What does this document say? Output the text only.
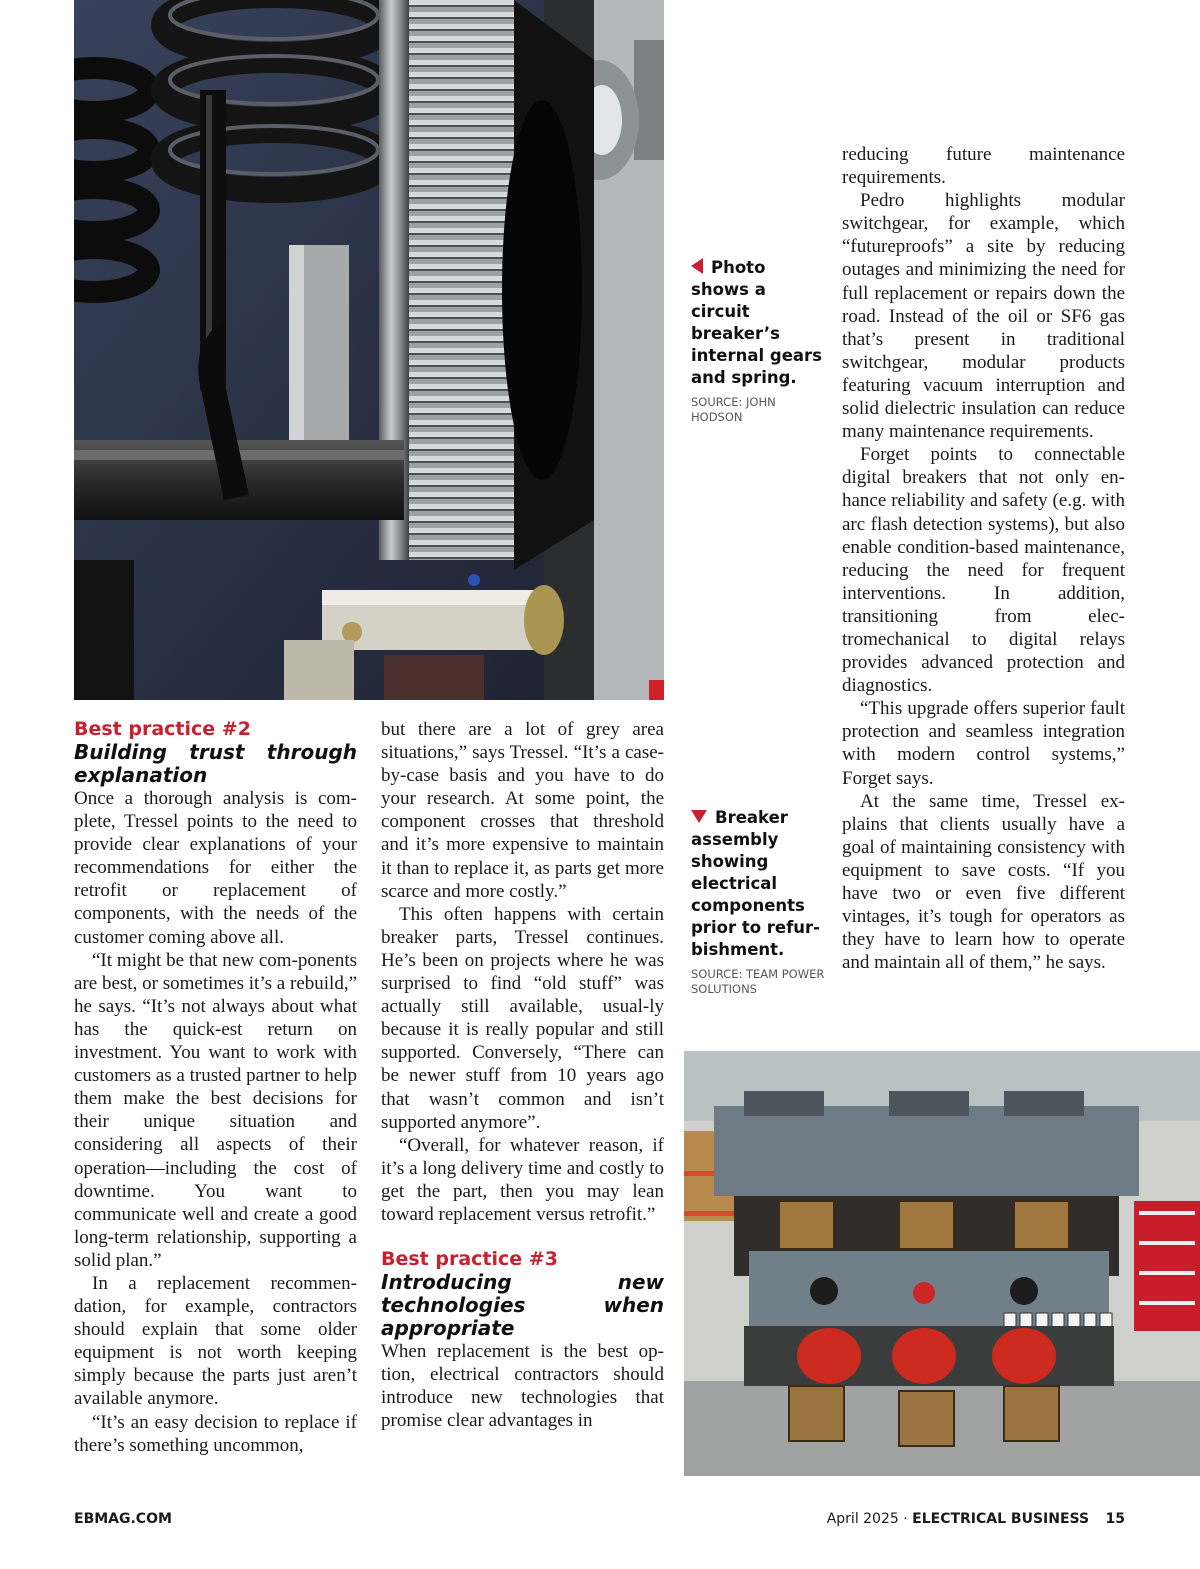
Photo shows a circuit breaker’s internal gears and spring.
SOURCE: JOHN HODSON
Breaker assembly showing electrical components prior to refur-bishment.
SOURCE: TEAM POWER SOLUTIONS
Best practice #2
Building trust through explanation

Once a thorough analysis is com-plete, Tressel points to the need to provide clear explanations of your recommendations for either the retrofit or replacement of components, with the needs of the customer coming above all.

“It might be that new com-ponents are best, or sometimes it’s a rebuild,” he says. “It’s not always about what has the quick-est return on investment. You want to work with customers as a trusted partner to help them make the best decisions for their unique situation and considering all aspects of their operation—including the cost of downtime. You want to communicate well and create a good long-term relationship, supporting a solid plan.”

In a replacement recommen-dation, for example, contractors should explain that some older equipment is not worth keeping simply because the parts just aren’t available anymore.

“It’s an easy decision to replace if there’s something uncommon,

but there are a lot of grey area situations,” says Tressel. “It’s a case-by-case basis and you have to do your research. At some point, the component crosses that threshold and it’s more expensive to maintain it than to replace it, as parts get more scarce and more costly.”

This often happens with certain breaker parts, Tressel continues. He’s been on projects where he was surprised to find “old stuff” was actually still available, usual-ly because it is really popular and still supported. Conversely, “There can be newer stuff from 10 years ago that wasn’t common and isn’t supported anymore”.

“Overall, for whatever reason, if it’s a long delivery time and costly to get the part, then you may lean toward replacement versus retrofit.”

Best practice #3
Introducing new technologies when appropriate

When replacement is the best op-tion, electrical contractors should introduce new technologies that promise clear advantages in

reducing future maintenance requirements.

Pedro highlights modular switchgear, for example, which “futureproofs” a site by reducing outages and minimizing the need for full replacement or repairs down the road. Instead of the oil or SF6 gas that’s present in traditional switchgear, modular products featuring vacuum interruption and solid dielectric insulation can reduce many maintenance requirements.

Forget points to connectable digital breakers that not only en-hance reliability and safety (e.g. with arc flash detection systems), but also enable condition-based maintenance, reducing the need for frequent interventions. In addition, transitioning from elec-tromechanical to digital relays provides advanced protection and diagnostics.

“This upgrade offers superior fault protection and seamless integration with modern control systems,” Forget says.

At the same time, Tressel ex-plains that clients usually have a goal of maintaining consistency with equipment to save costs. “If you have two or even five different vintages, it’s tough for operators as they have to learn how to operate and maintain all of them,” he says.

EBMAG.COM	April 2025 · ELECTRICAL BUSINESS 15
